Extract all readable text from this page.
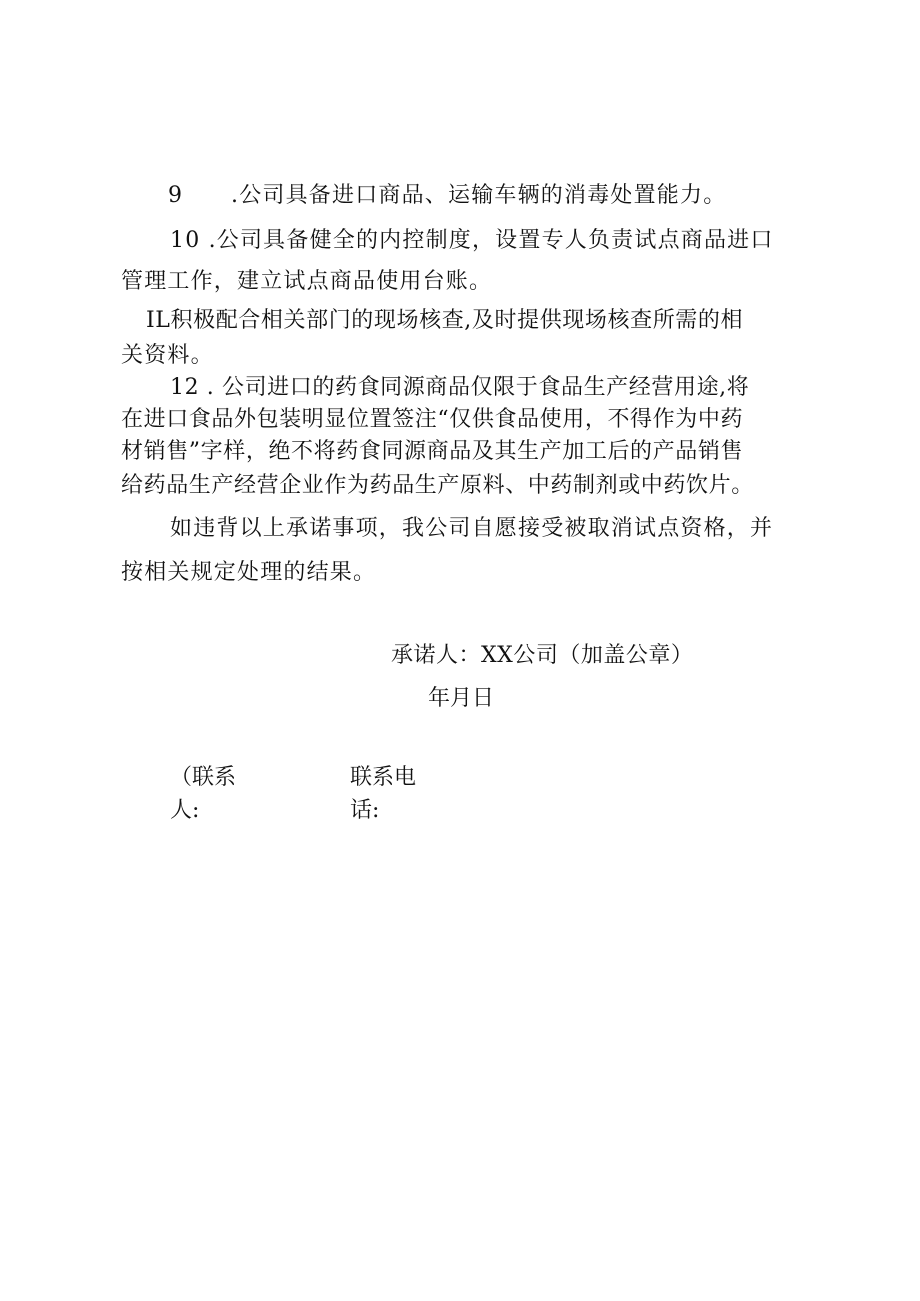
9 .公司具备进口商品、运输车辆的消毒处置能力。
10 .公司具备健全的内控制度，设置专人负责试点商品进口
管理工作，建立试点商品使用台账。
IL积极配合相关部门的现场核查,及时提供现场核查所需的相
关资料。
12 . 公司进口的药食同源商品仅限于食品生产经营用途,将
在进口食品外包装明显位置签注“仅供食品使用，不得作为中药
材销售”字样，绝不将药食同源商品及其生产加工后的产品销售
给药品生产经营企业作为药品生产原料、中药制剂或中药饮片。
如违背以上承诺事项，我公司自愿接受被取消试点资格，并
按相关规定处理的结果。
承诺人：XX公司（加盖公章）
年月日
（联系
人:
联系电
话:
